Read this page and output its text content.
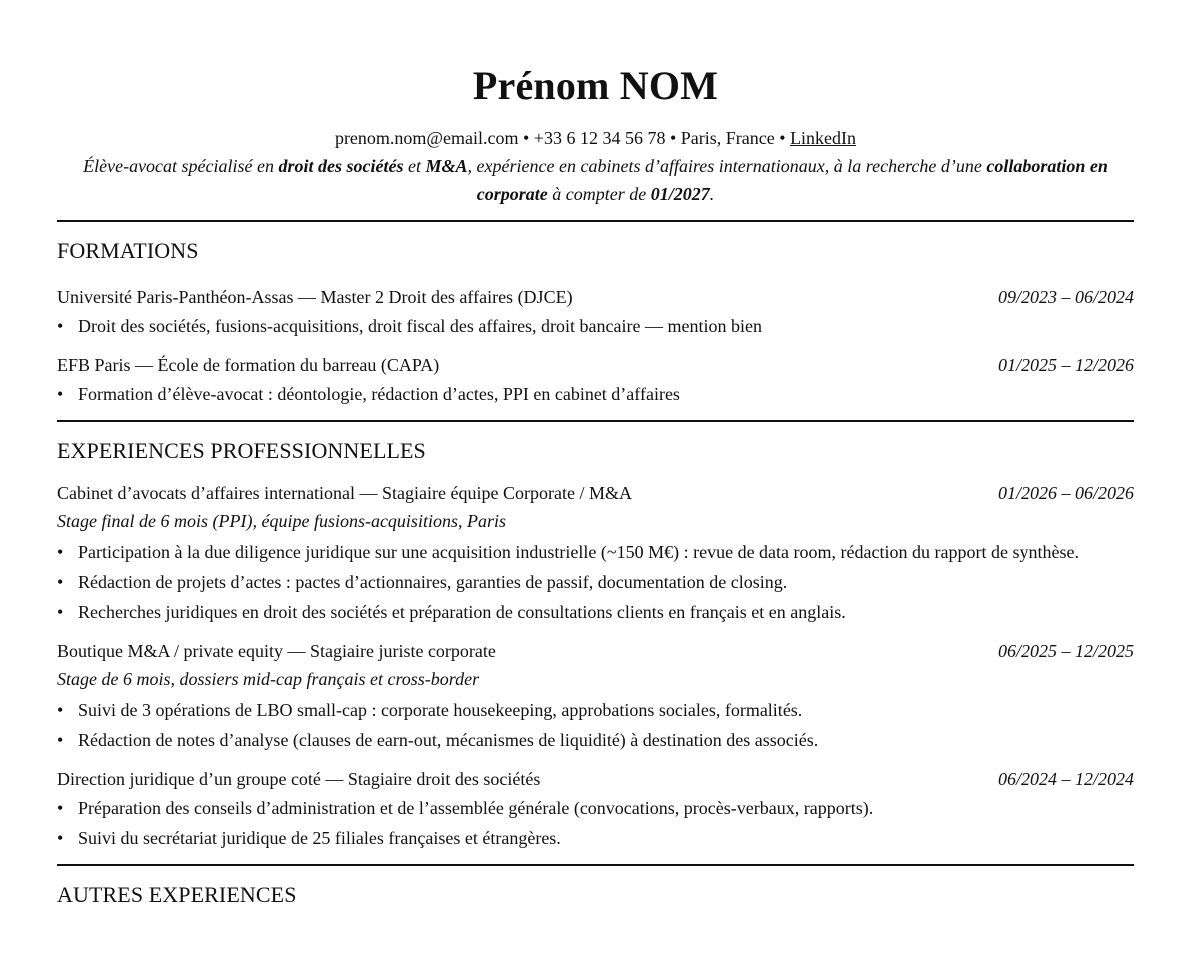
Prénom NOM
prenom.nom@email.com • +33 6 12 34 56 78 • Paris, France • LinkedIn
Élève-avocat spécialisé en droit des sociétés et M&A, expérience en cabinets d’affaires internationaux, à la recherche d’une collaboration en corporate à compter de 01/2027.
FORMATIONS
Université Paris-Panthéon-Assas — Master 2 Droit des affaires (DJCE)	09/2023 – 06/2024
• Droit des sociétés, fusions-acquisitions, droit fiscal des affaires, droit bancaire — mention bien
EFB Paris — École de formation du barreau (CAPA)	01/2025 – 12/2026
• Formation d’élève-avocat : déontologie, rédaction d’actes, PPI en cabinet d’affaires
EXPERIENCES PROFESSIONNELLES
Cabinet d’avocats d’affaires international — Stagiaire équipe Corporate / M&A	01/2026 – 06/2026
Stage final de 6 mois (PPI), équipe fusions-acquisitions, Paris
• Participation à la due diligence juridique sur une acquisition industrielle (~150 M€) : revue de data room, rédaction du rapport de synthèse.
• Rédaction de projets d’actes : pactes d’actionnaires, garanties de passif, documentation de closing.
• Recherches juridiques en droit des sociétés et préparation de consultations clients en français et en anglais.
Boutique M&A / private equity — Stagiaire juriste corporate	06/2025 – 12/2025
Stage de 6 mois, dossiers mid-cap français et cross-border
• Suivi de 3 opérations de LBO small-cap : corporate housekeeping, approbations sociales, formalités.
• Rédaction de notes d’analyse (clauses de earn-out, mécanismes de liquidité) à destination des associés.
Direction juridique d’un groupe coté — Stagiaire droit des sociétés	06/2024 – 12/2024
• Préparation des conseils d’administration et de l’assemblée générale (convocations, procès-verbaux, rapports).
• Suivi du secrétariat juridique de 25 filiales françaises et étrangères.
AUTRES EXPERIENCES
